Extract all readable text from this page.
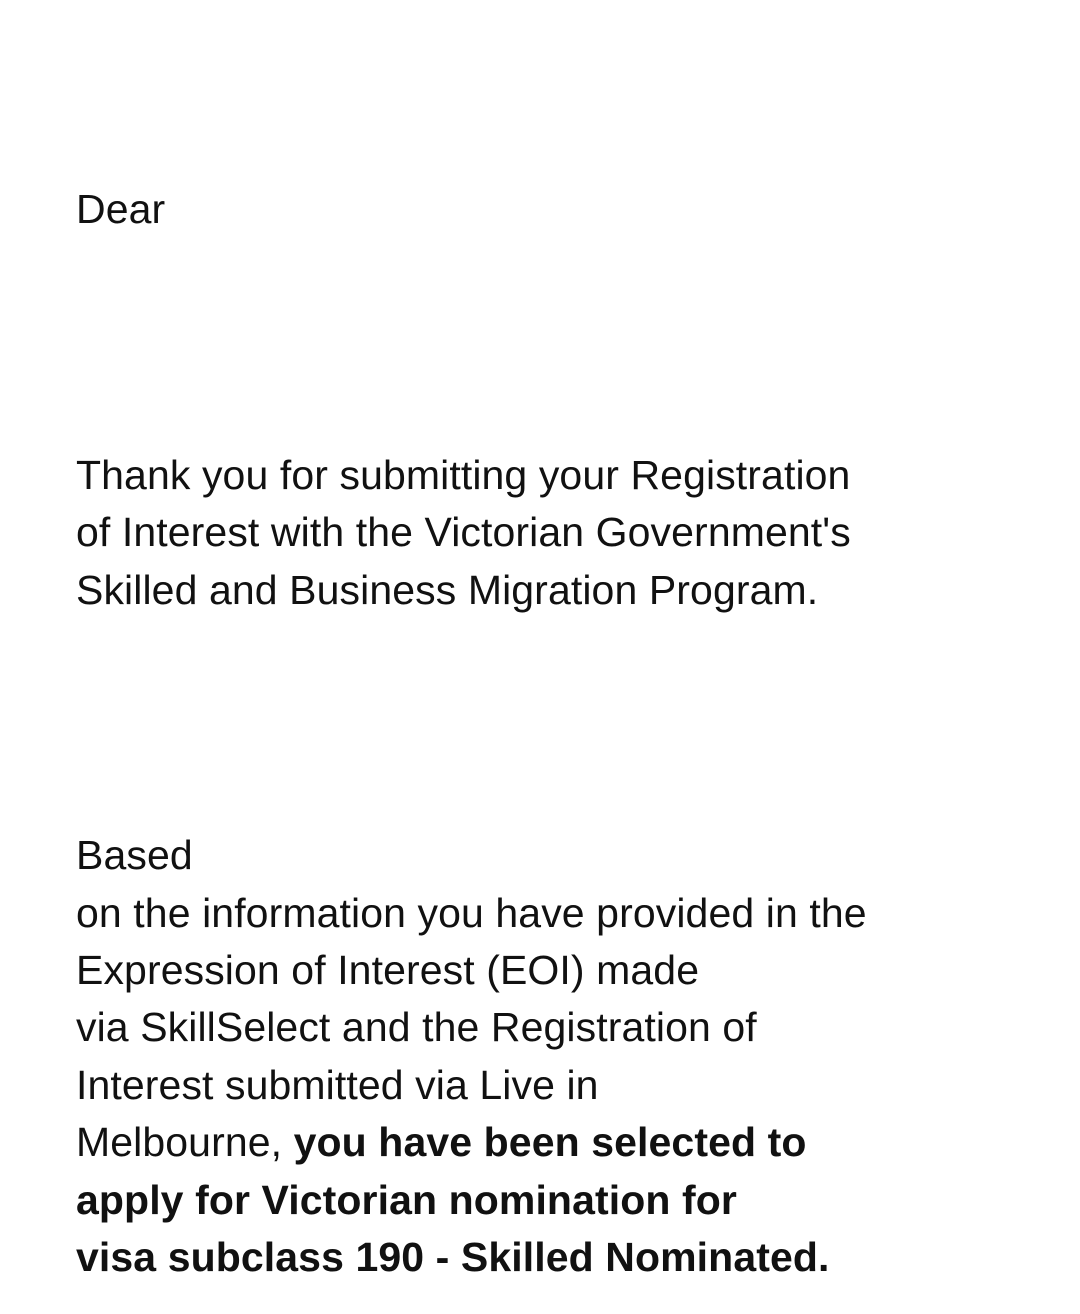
Dear
Thank you for submitting your Registration
of Interest with the Victorian Government's
Skilled and Business Migration Program.
Based
on the information you have provided in the
Expression of Interest (EOI) made
via SkillSelect and the Registration of
Interest submitted via Live in
Melbourne, you have been selected to
apply for Victorian nomination for
visa subclass 190 - Skilled Nominated.
